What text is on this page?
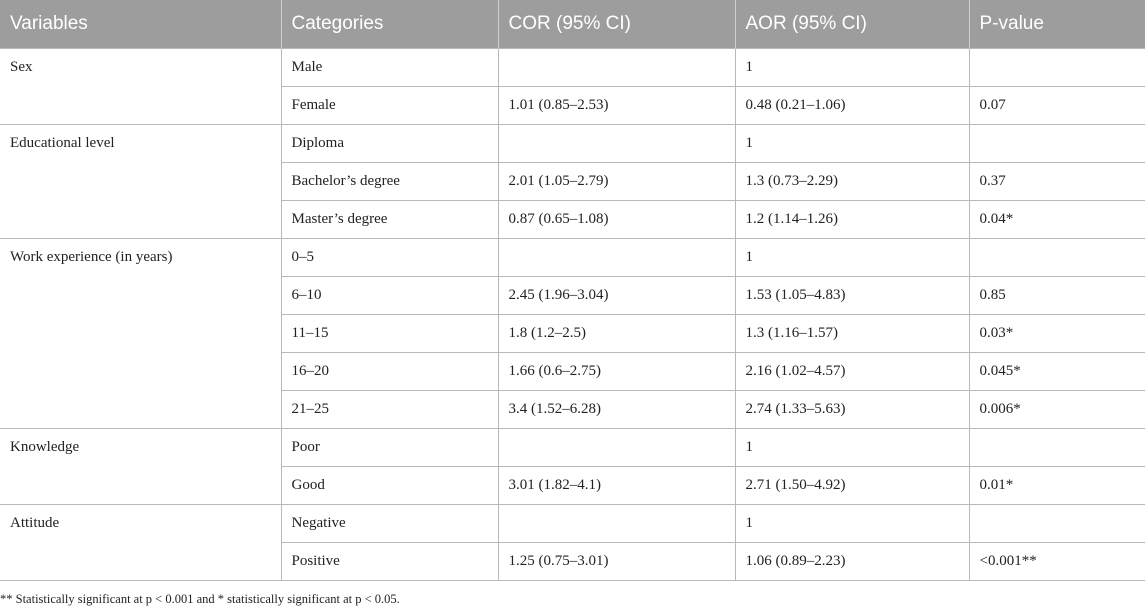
Variables	Categories	COR (95% CI)	AOR (95% CI)	P-value
Sex	Male		1	
	Female	1.01 (0.85–2.53)	0.48 (0.21–1.06)	0.07
Educational level	Diploma		1	
	Bachelor’s degree	2.01 (1.05–2.79)	1.3 (0.73–2.29)	0.37
	Master’s degree	0.87 (0.65–1.08)	1.2 (1.14–1.26)	0.04*
Work experience (in years)	0–5		1	
	6–10	2.45 (1.96–3.04)	1.53 (1.05–4.83)	0.85
	11–15	1.8 (1.2–2.5)	1.3 (1.16–1.57)	0.03*
	16–20	1.66 (0.6–2.75)	2.16 (1.02–4.57)	0.045*
	21–25	3.4 (1.52–6.28)	2.74 (1.33–5.63)	0.006*
Knowledge	Poor		1	
	Good	3.01 (1.82–4.1)	2.71 (1.50–4.92)	0.01*
Attitude	Negative		1	
	Positive	1.25 (0.75–3.01)	1.06 (0.89–2.23)	<0.001**
** Statistically significant at p < 0.001 and * statistically significant at p < 0.05.
